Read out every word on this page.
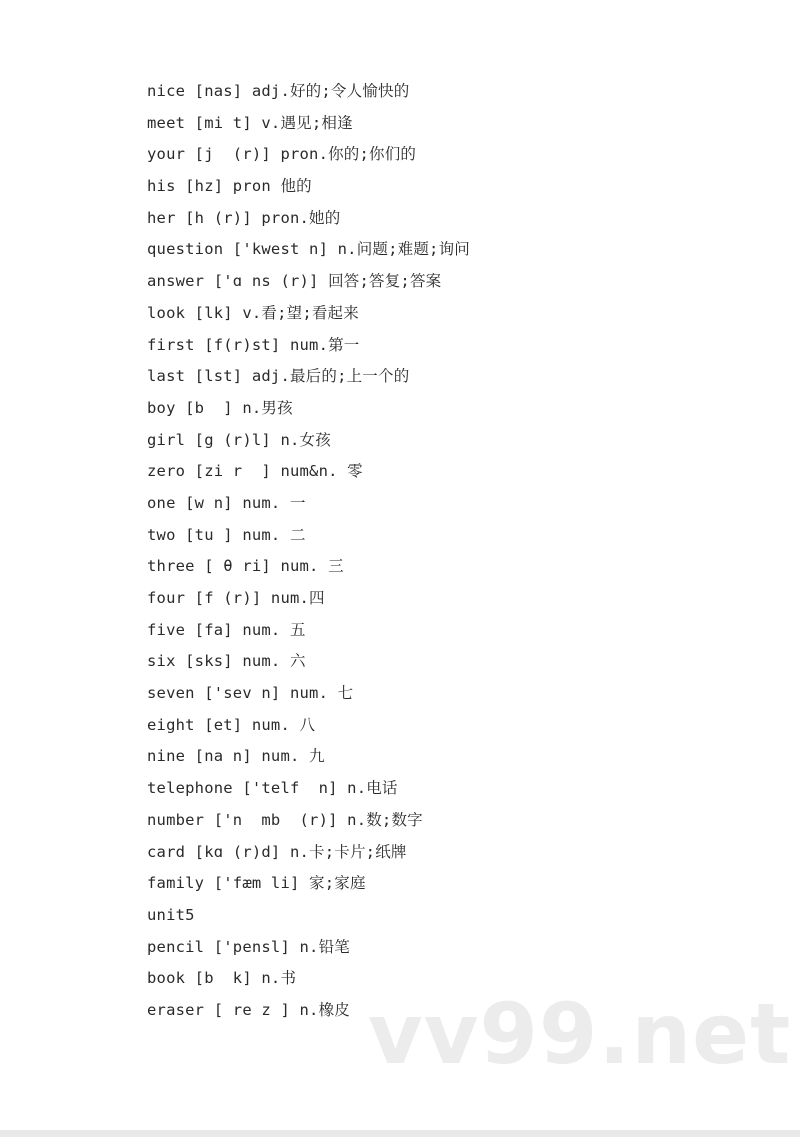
nice [nas] adj.好的;令人愉快的
meet [mi t] v.遇见;相逢
your [j  (r)] pron.你的;你们的
his [hz] pron 他的
her [h (r)] pron.她的
question ['kwest n] n.问题;难题;询问
answer ['ɑ ns (r)] 回答;答复;答案
look [lk] v.看;望;看起来
first [f(r)st] num.第一
last [lst] adj.最后的;上一个的
boy [b  ] n.男孩
girl [g (r)l] n.女孩
zero [zi r  ] num&n. 零
one [w n] num. 一
two [tu ] num. 二
three [ θ ri] num. 三
four [f (r)] num.四
five [fa] num. 五
six [sks] num. 六
seven ['sev n] num. 七
eight [et] num. 八
nine [na n] num. 九
telephone ['telf  n] n.电话
number ['n  mb  (r)] n.数;数字
card [kɑ (r)d] n.卡;卡片;纸牌
family ['fæm li] 家;家庭
unit5
pencil ['pensl] n.铅笔
book [b  k] n.书
eraser [ re z ] n.橡皮 vv99.net
